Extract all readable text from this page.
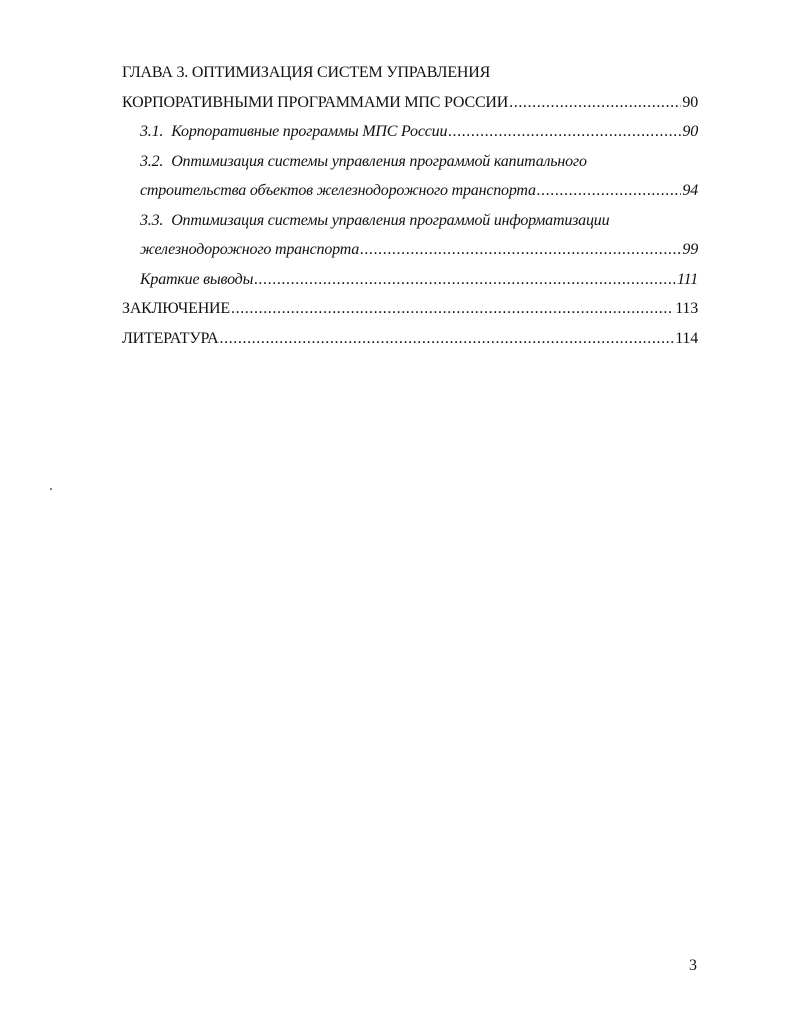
ГЛАВА 3. ОПТИМИЗАЦИЯ СИСТЕМ УПРАВЛЕНИЯ
КОРПОРАТИВНЫМИ ПРОГРАММАМИ МПС РОССИИ .....	90
3.1. Корпоративные программы МПС России .....	90
3.2. Оптимизация системы управления программой капитального
строительства объектов железнодорожного транспорта .....	94
3.3. Оптимизация системы управления программой информатизации
железнодорожного транспорта .....	99
Краткие выводы .....	111
ЗАКЛЮЧЕНИЕ .....	113
ЛИТЕРАТУРА .....	114
3
